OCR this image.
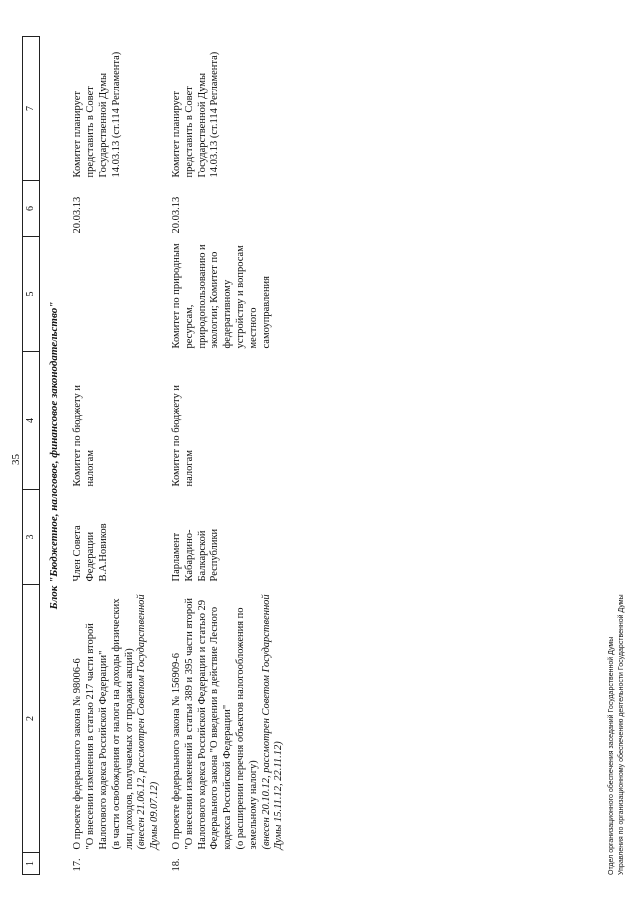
35
1	2	3	4	5	6	7
Блок "Бюджетное, налоговое, финансовое законодательство"						
17.	О проекте федерального закона № 98006-6 "О внесении изменения в статью 217 части второй Налогового кодекса Российской Федерации" (в части освобождения от налога на доходы физических лиц доходов, получаемых от продажи акций) (внесен 21.06.12, рассмотрен Советом Государственной Думы 09.07.12)	Член Совета Федерации В.А.Новиков	Комитет по бюджету и налогам		20.03.13	Комитет планирует представить в Совет Государственной Думы 14.03.13 (ст.114 Регламента)
18.	О проекте федерального закона № 156909-6 "О внесении изменений в статьи 389 и 395 части второй Налогового кодекса Российской Федерации и статью 29 Федерального закона "О введении в действие Лесного кодекса Российской Федерации" (о расширении перечня объектов налогообложения по земельному налогу) (внесен 20.10.12, рассмотрен Советом Государственной Думы 15.11.12, 22.11.12)	Парламент Кабардино-Балкарской Республики	Комитет по бюджету и налогам	Комитет по природным ресурсам, природопользованию и экологии; Комитет по федеративному устройству и вопросам местного самоуправления	20.03.13	Комитет планирует представить в Совет Государственной Думы 14.03.13 (ст.114 Регламента)
Отдел организационного обеспечения заседаний Государственной Думы Управления по организационному обеспечению деятельности Государственной Думы
